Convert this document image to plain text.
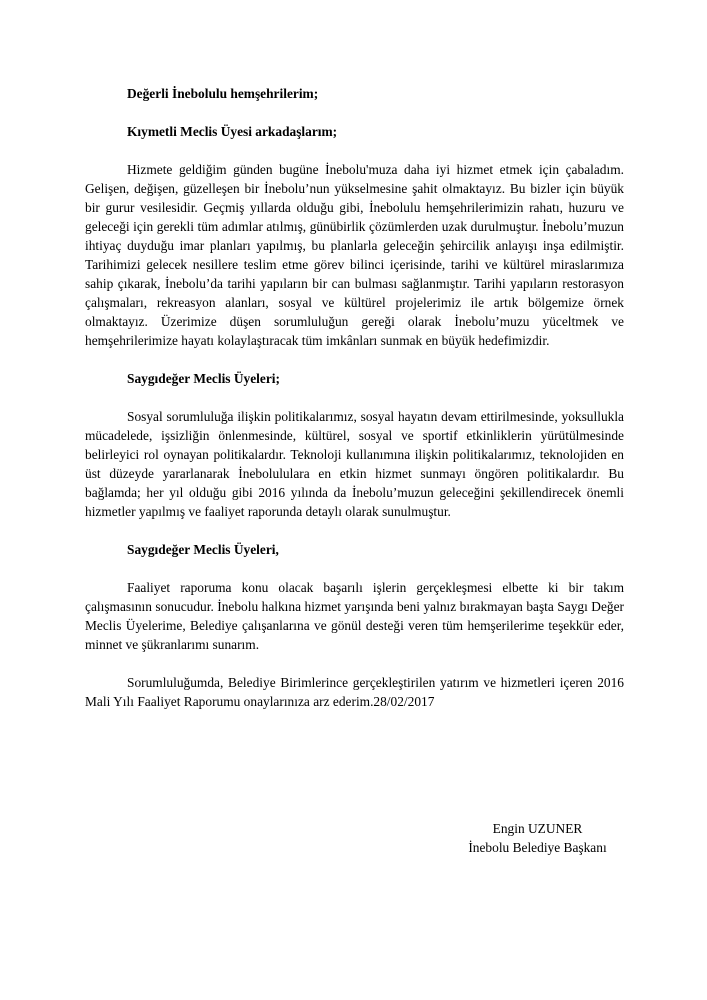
Değerli İnebolulu hemşehrilerim;

Kıymetli Meclis Üyesi arkadaşlarım;

Hizmete geldiğim günden bugüne İnebolu'muza daha iyi hizmet etmek için çabaladım. Gelişen, değişen, güzelleşen bir İnebolu’nun yükselmesine şahit olmaktayız. Bu bizler için büyük bir gurur vesilesidir. Geçmiş yıllarda olduğu gibi, İnebolulu hemşehrilerimizin rahatı, huzuru ve geleceği için gerekli tüm adımlar atılmış, günübirlik çözümlerden uzak durulmuştur. İnebolu’muzun ihtiyaç duyduğu imar planları yapılmış, bu planlarla geleceğin şehircilik anlayışı inşa edilmiştir. Tarihimizi gelecek nesillere teslim etme görev bilinci içerisinde, tarihi ve kültürel miraslarımıza sahip çıkarak, İnebolu’da tarihi yapıların bir can bulması sağlanmıştır. Tarihi yapıların restorasyon çalışmaları, rekreasyon alanları, sosyal ve kültürel projelerimiz ile artık bölgemize örnek olmaktayız. Üzerimize düşen sorumluluğun gereği olarak İnebolu’muzu yüceltmek ve hemşehrilerimize hayatı kolaylaştıracak tüm imkânları sunmak en büyük hedefimizdir.

Saygıdeğer Meclis Üyeleri;

Sosyal sorumluluğa ilişkin politikalarımız, sosyal hayatın devam ettirilmesinde, yoksullukla mücadelede, işsizliğin önlenmesinde, kültürel, sosyal ve sportif etkinliklerin yürütülmesinde belirleyici rol oynayan politikalardır. Teknoloji kullanımına ilişkin politikalarımız, teknolojiden en üst düzeyde yararlanarak İnebolululara en etkin hizmet sunmayı öngören politikalardır. Bu bağlamda; her yıl olduğu gibi 2016 yılında da İnebolu’muzun geleceğini şekillendirecek önemli hizmetler yapılmış ve faaliyet raporunda detaylı olarak sunulmuştur.

Saygıdeğer Meclis Üyeleri,

Faaliyet raporuma konu olacak başarılı işlerin gerçekleşmesi elbette ki bir takım çalışmasının sonucudur. İnebolu halkına hizmet yarışında beni yalnız bırakmayan başta Saygı Değer Meclis Üyelerime, Belediye çalışanlarına ve gönül desteği veren tüm hemşerilerime teşekkür eder, minnet ve şükranlarımı sunarım.

Sorumluluğumda, Belediye Birimlerince gerçekleştirilen yatırım ve hizmetleri içeren 2016 Mali Yılı Faaliyet Raporumu onaylarınıza arz ederim.28/02/2017

Engin UZUNER

İnebolu Belediye Başkanı
